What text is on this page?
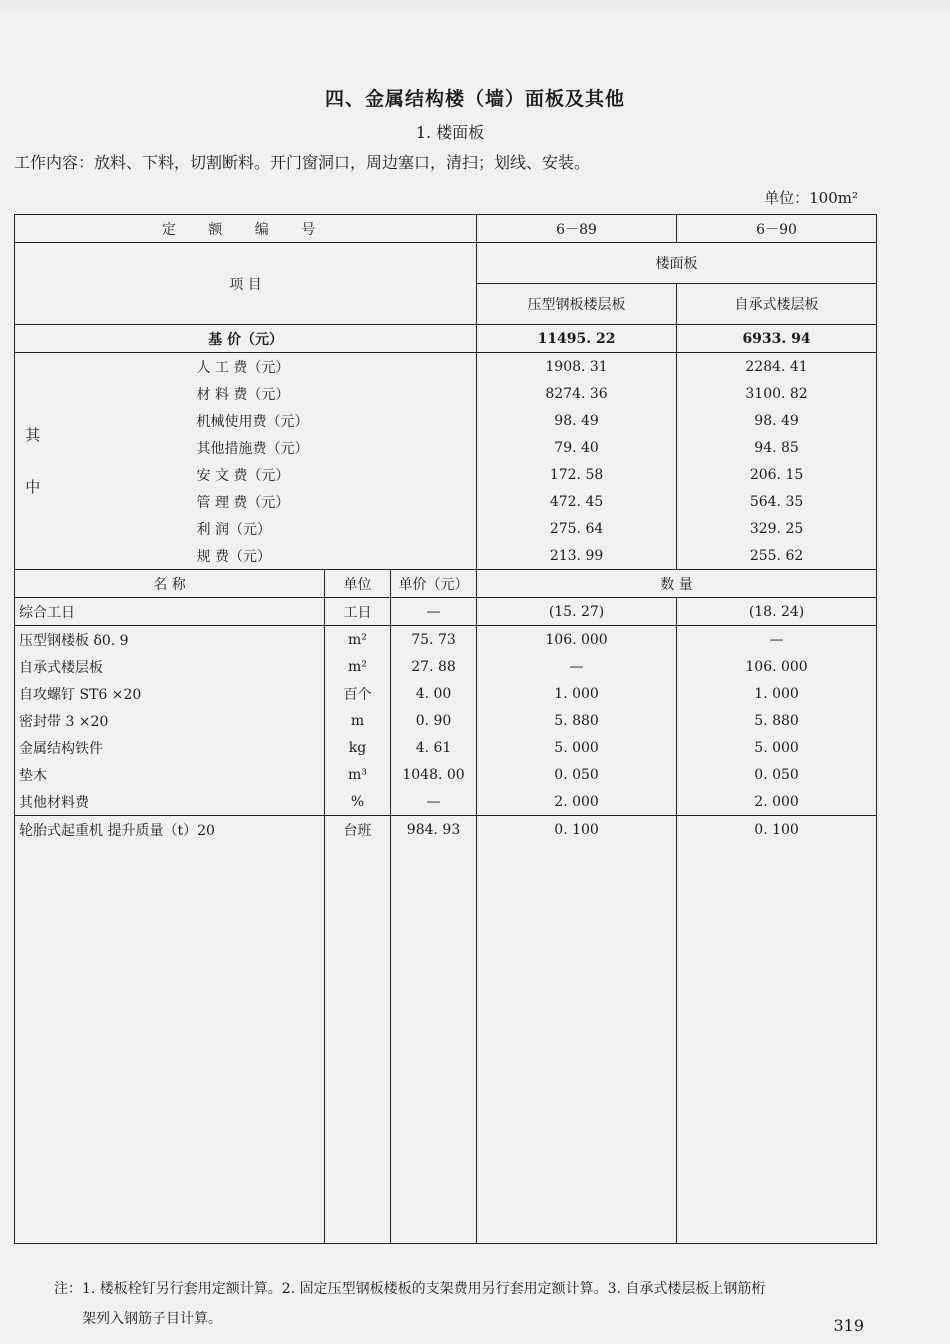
四、金属结构楼（墙）面板及其他
1. 楼面板
工作内容：放料、下料，切割断料。开门窗洞口，周边塞口，清扫；划线、安装。
单位：100m²
定 额 编 号				6－89	6－90
项 目				楼面板	
				压型钢板楼层板	自承式楼层板
基 价（元）				11495. 22	6933. 94
其

中	人 工 费（元）			1908. 31	2284. 41
	材 料 费（元）			8274. 36	3100. 82
	机械使用费（元）			98. 49	98. 49
	其他措施费（元）			79. 40	94. 85
	安 文 费（元）			172. 58	206. 15
	管 理 费（元）			472. 45	564. 35
	利 润（元）			275. 64	329. 25
	规 费（元）			213. 99	255. 62
名 称		单位	单价（元）	数 量	
综合工日		工日	—	(15. 27)	(18. 24)
压型钢楼板 δ0. 9		m²	75. 73	106. 000	—
自承式楼层板		m²	27. 88	—	106. 000
自攻螺钉 ST6 ×20		百个	4. 00	1. 000	1. 000
密封带 3 ×20		m	0. 90	5. 880	5. 880
金属结构铁件		kg	4. 61	5. 000	5. 000
垫木		m³	1048. 00	0. 050	0. 050
其他材料费		%	—	2. 000	2. 000
轮胎式起重机 提升质量（t）20		台班	984. 93	0. 100	0. 100

注：1. 楼板栓钉另行套用定额计算。2. 固定压型钢板楼板的支架费用另行套用定额计算。3. 自承式楼层板上钢筋桁
架列入钢筋子目计算。	319
